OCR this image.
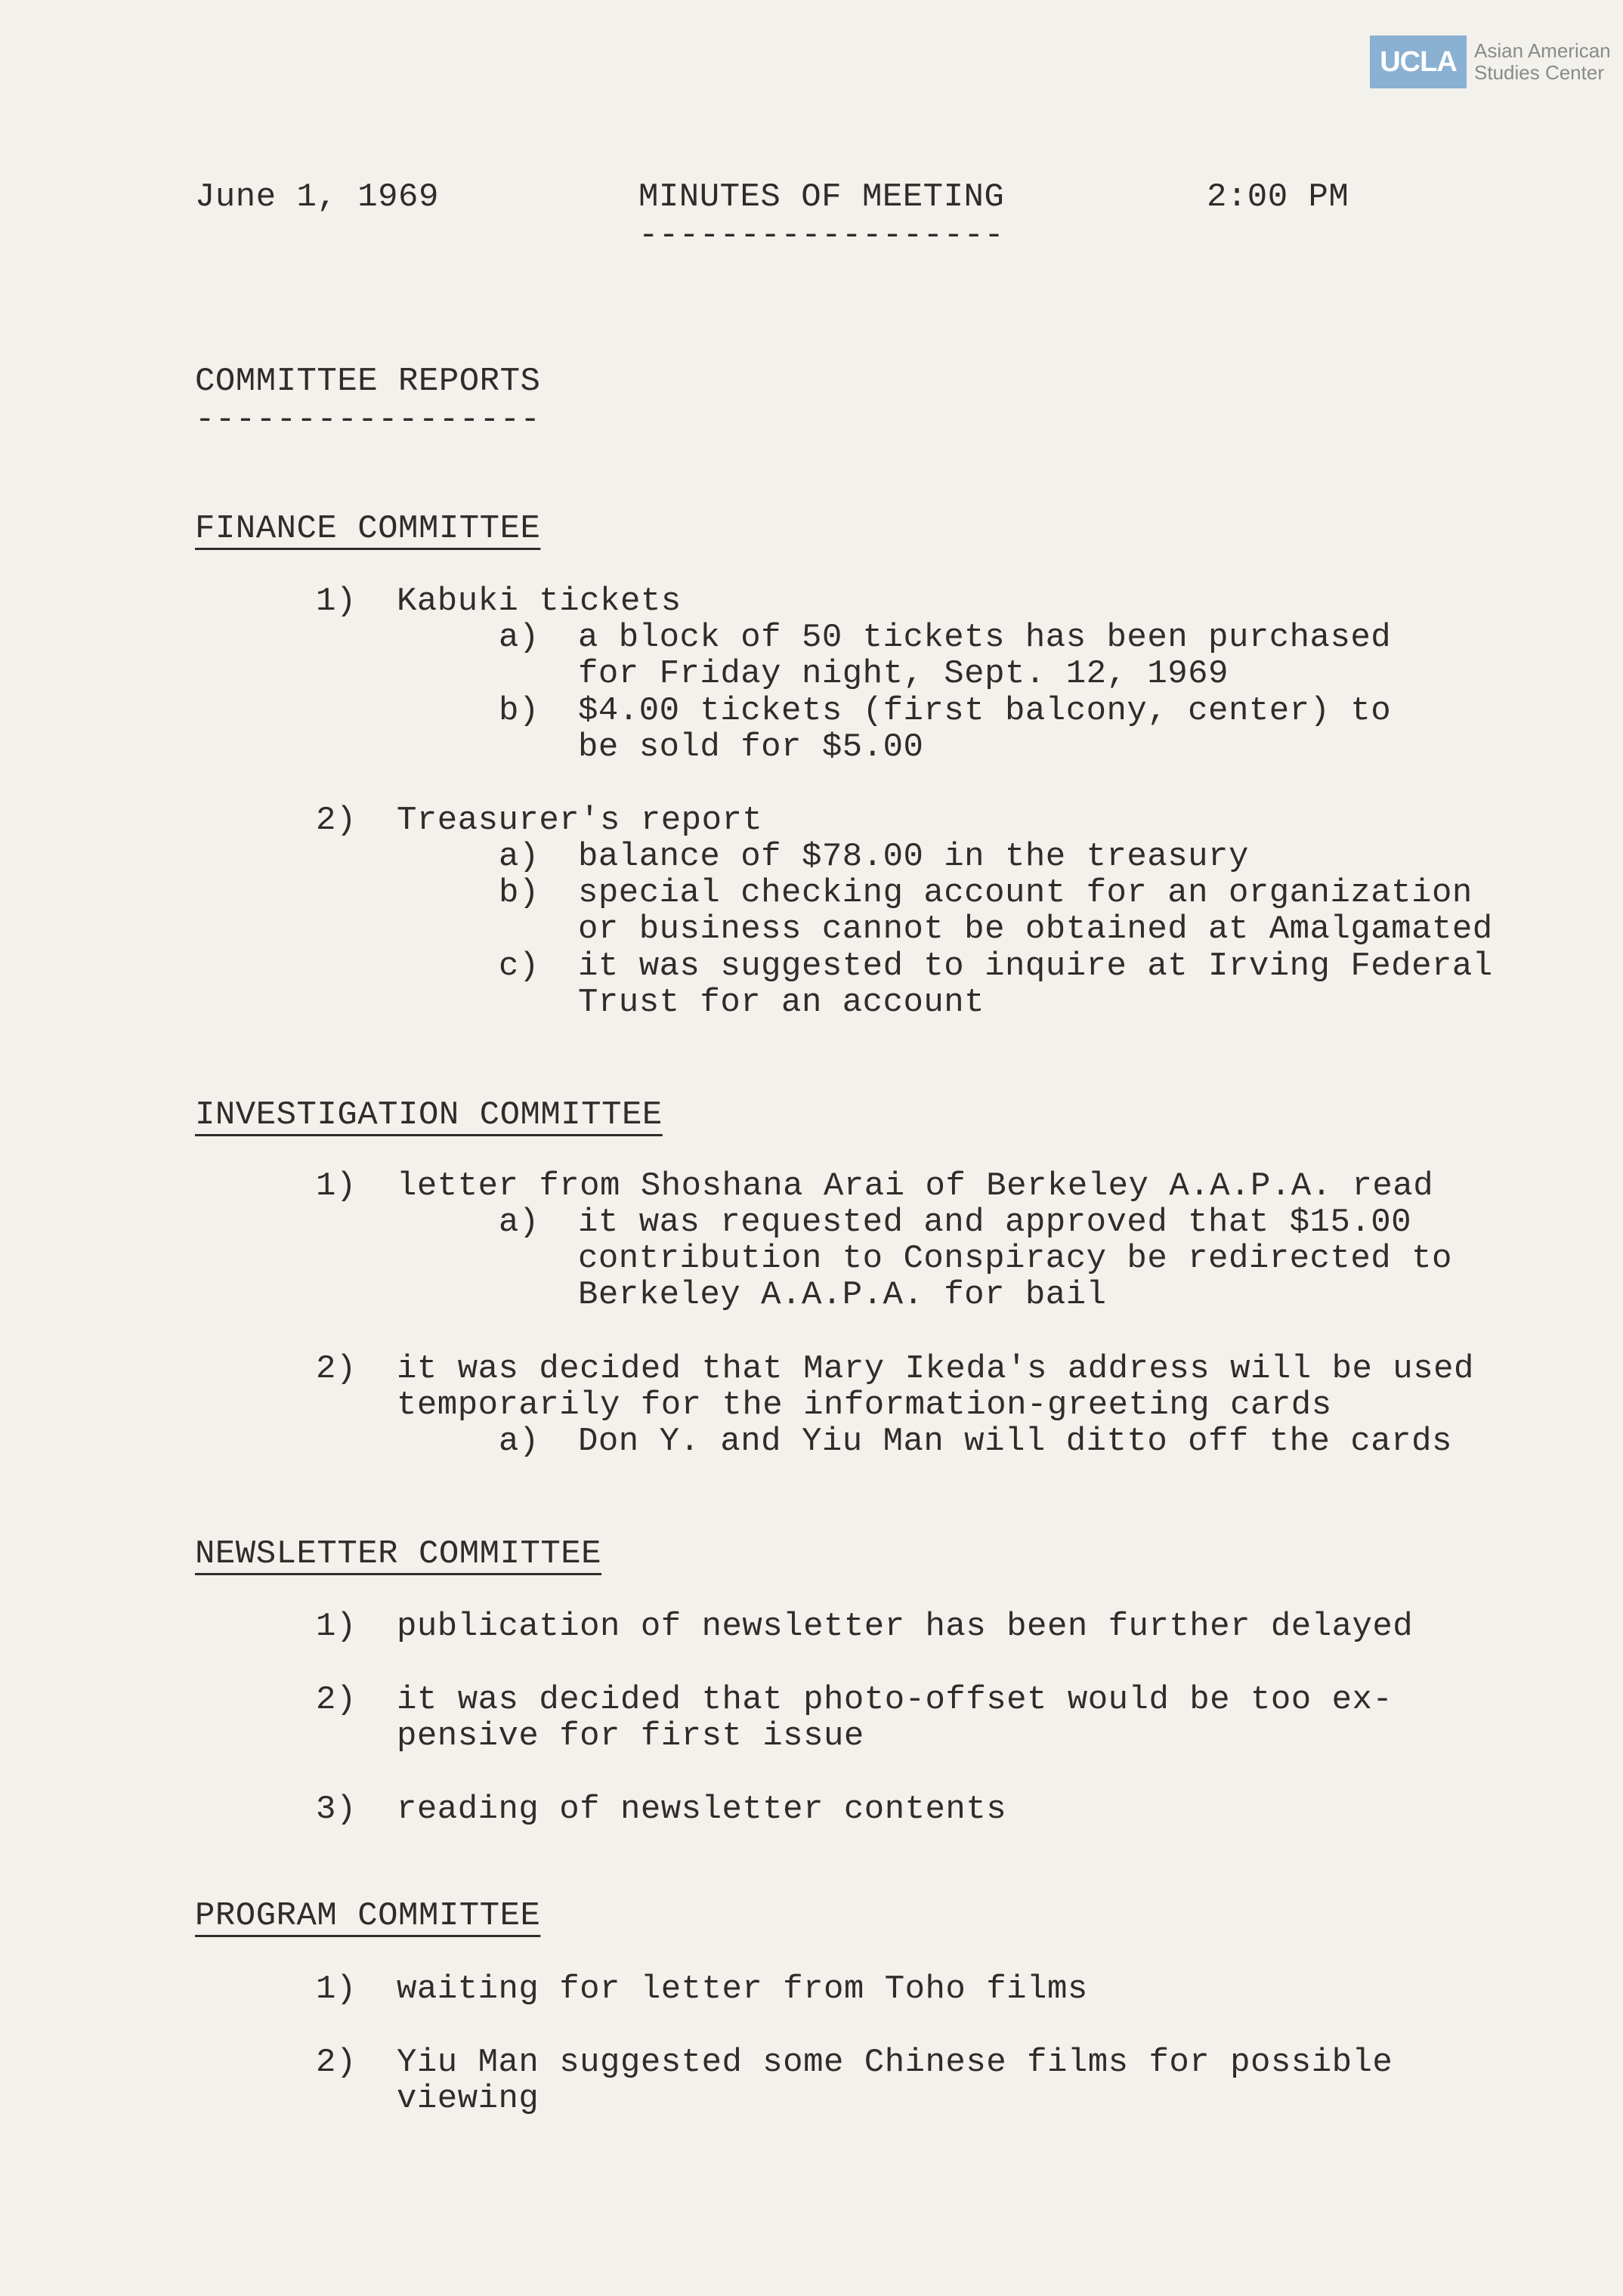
UCLA Asian American
Studies Center
June 1, 1969	MINUTES OF MEETING
------------------
2:00 PM
COMMITTEE REPORTS
-----------------
FINANCE COMMITTEE
1) Kabuki tickets
a) a block of 50 tickets has been purchased
for Friday night, Sept. 12, 1969
b) $4.00 tickets (first balcony, center) to
be sold for $5.00
2) Treasurer's report
a) balance of $78.00 in the treasury
b) special checking account for an organization
or business cannot be obtained at Amalgamated
c) it was suggested to inquire at Irving Federal
Trust for an account
INVESTIGATION COMMITTEE
1) letter from Shoshana Arai of Berkeley A.A.P.A. read
a) it was requested and approved that $15.00
contribution to Conspiracy be redirected to
Berkeley A.A.P.A. for bail
2) it was decided that Mary Ikeda's address will be used
temporarily for the information-greeting cards
a) Don Y. and Yiu Man will ditto off the cards
NEWSLETTER COMMITTEE
1) publication of newsletter has been further delayed
2) it was decided that photo-offset would be too ex-
pensive for first issue
3) reading of newsletter contents
PROGRAM COMMITTEE
1) waiting for letter from Toho films
2) Yiu Man suggested some Chinese films for possible
viewing
